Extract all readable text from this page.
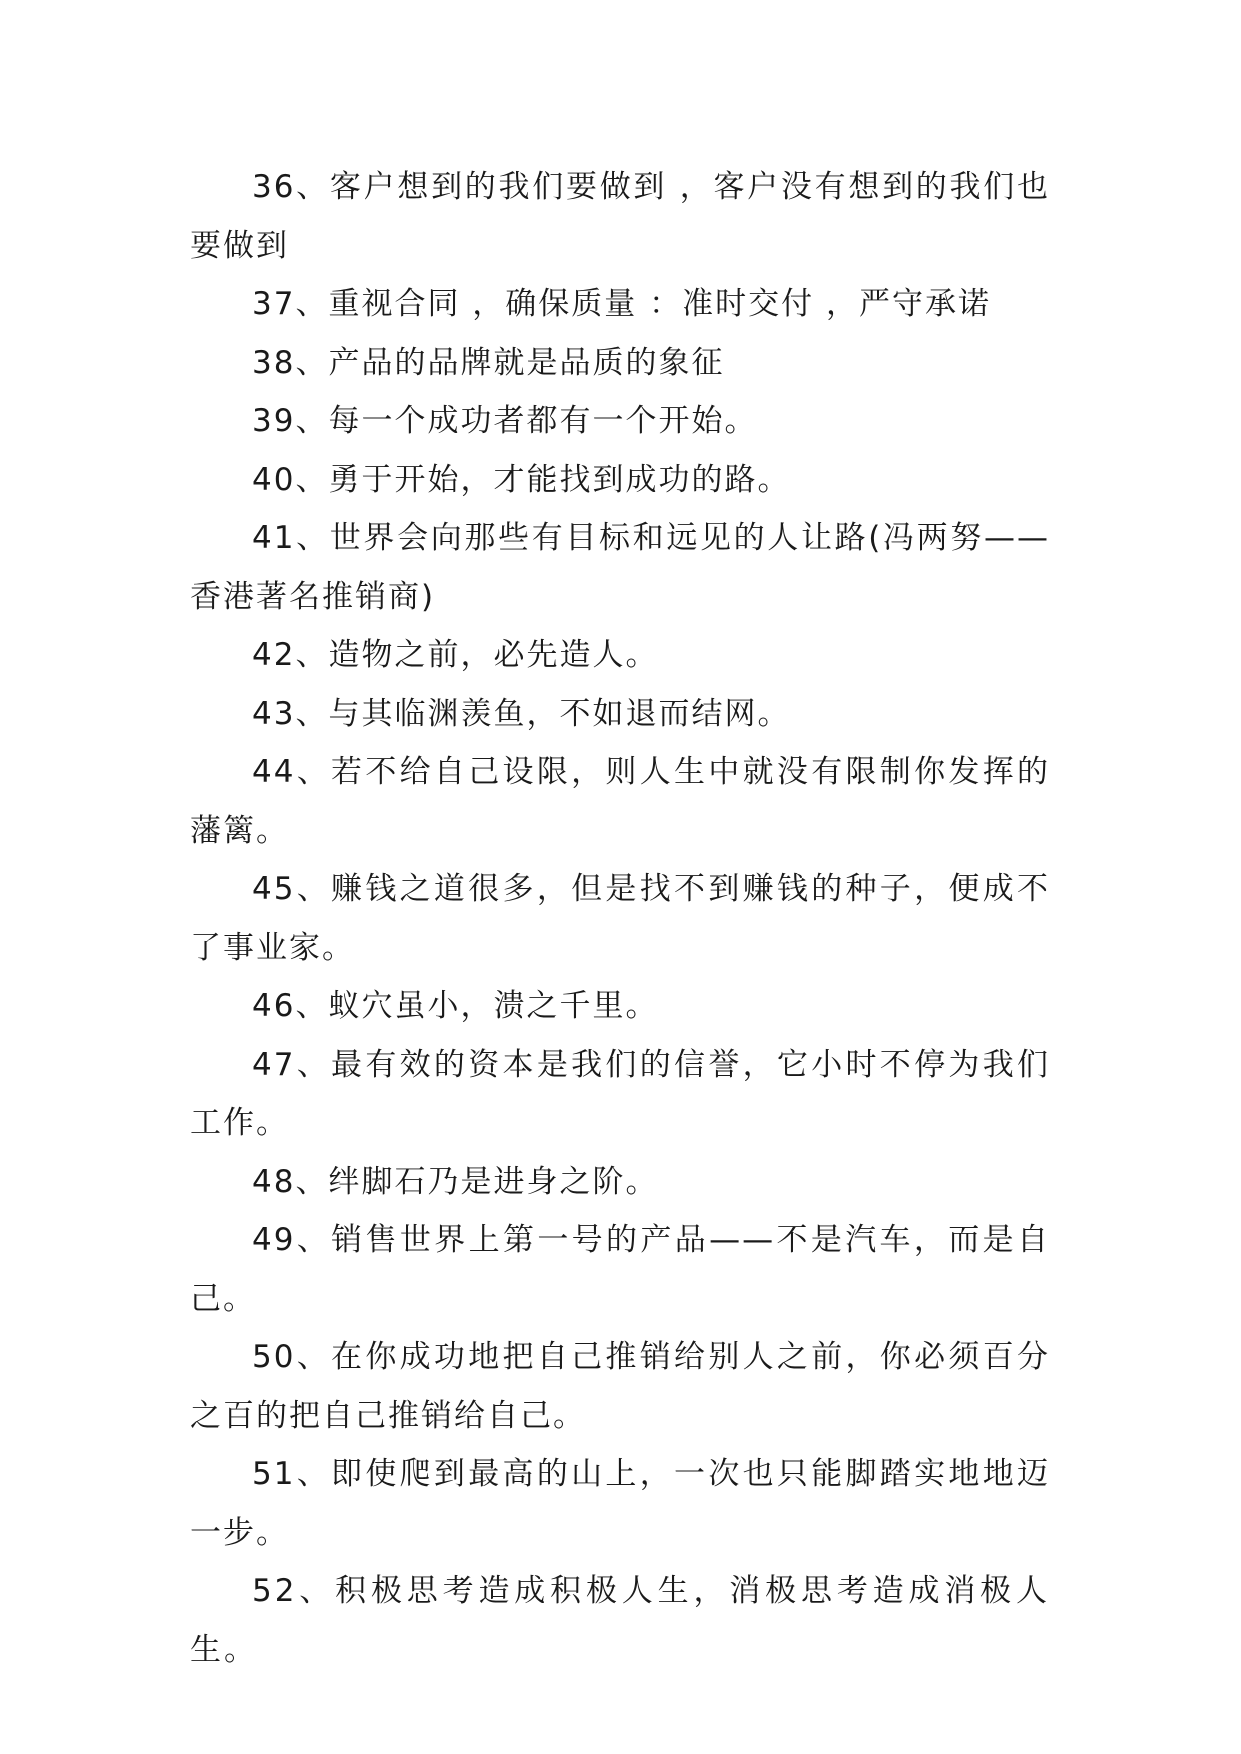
36、客户想到的我们要做到 ，客户没有想到的我们也要做到

37、重视合同 ，确保质量 ：准时交付 ，严守承诺

38、产品的品牌就是品质的象征

39、每一个成功者都有一个开始。

40、勇于开始，才能找到成功的路。

41、世界会向那些有目标和远见的人让路(冯两努——香港著名推销商)

42、造物之前，必先造人。

43、与其临渊羡鱼，不如退而结网。

44、若不给自己设限，则人生中就没有限制你发挥的藩篱。

45、赚钱之道很多，但是找不到赚钱的种子，便成不了事业家。

46、蚁穴虽小，溃之千里。

47、最有效的资本是我们的信誉，它小时不停为我们工作。

48、绊脚石乃是进身之阶。

49、销售世界上第一号的产品——不是汽车，而是自己。

50、在你成功地把自己推销给别人之前，你必须百分之百的把自己推销给自己。

51、即使爬到最高的山上，一次也只能脚踏实地地迈一步。

52、积极思考造成积极人生，消极思考造成消极人生。
